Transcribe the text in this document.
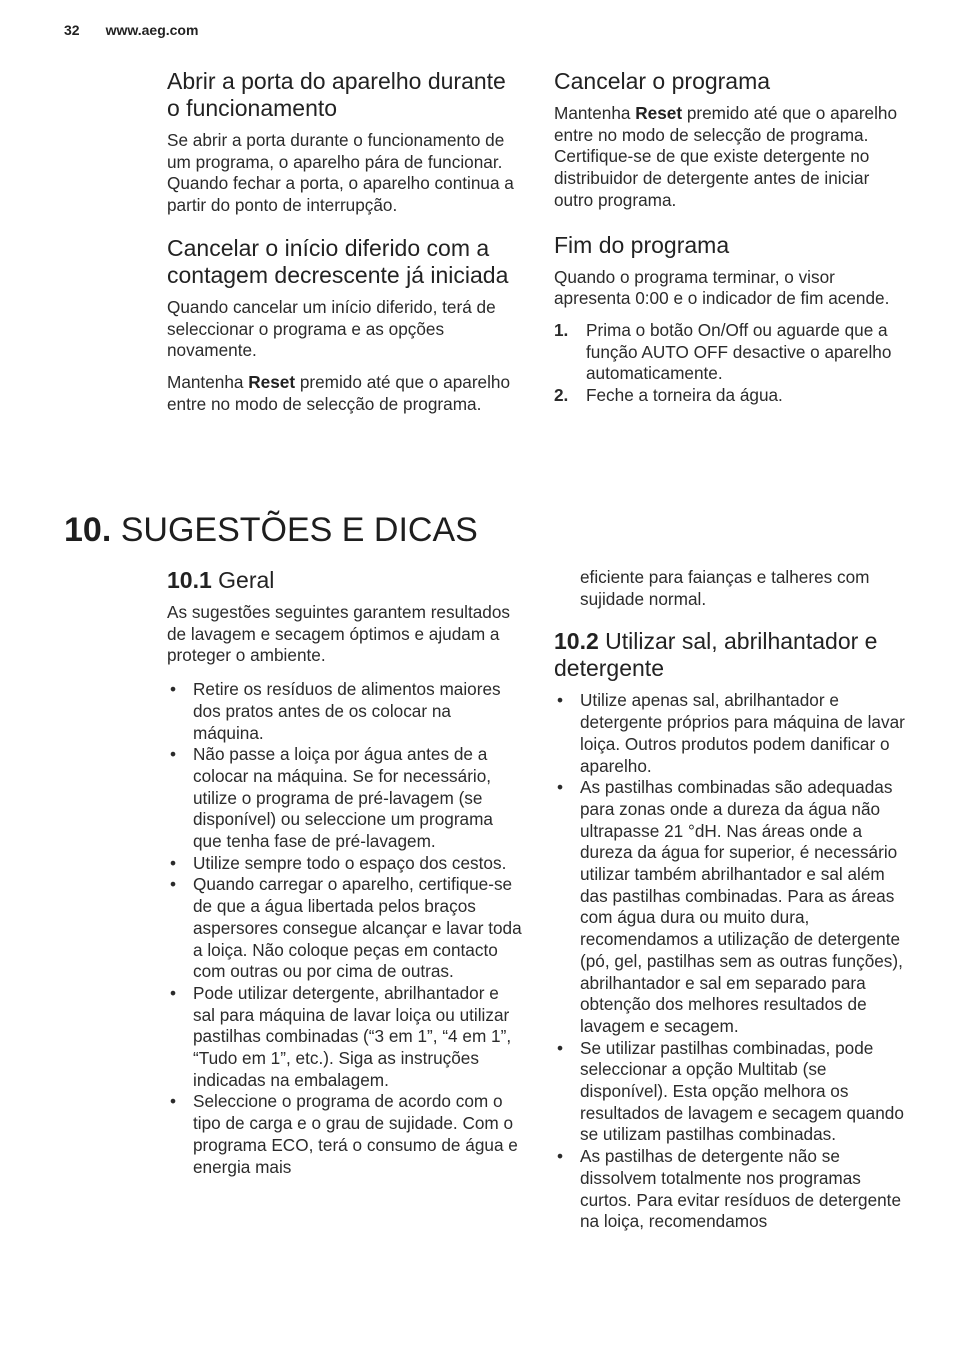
32 www.aeg.com
Abrir a porta do aparelho durante o funcionamento

Se abrir a porta durante o funcionamento de um programa, o aparelho pára de funcionar. Quando fechar a porta, o aparelho continua a partir do ponto de interrupção.

Cancelar o início diferido com a contagem decrescente já iniciada

Quando cancelar um início diferido, terá de seleccionar o programa e as opções novamente.

Mantenha Reset premido até que o aparelho entre no modo de selecção de programa.

Cancelar o programa

Mantenha Reset premido até que o aparelho entre no modo de selecção de programa.

Certifique-se de que existe detergente no distribuidor de detergente antes de iniciar outro programa.

Fim do programa

Quando o programa terminar, o visor apresenta 0:00 e o indicador de fim acende.

1. Prima o botão On/Off ou aguarde que a função AUTO OFF desactive o aparelho automaticamente.
2. Feche a torneira da água.
10. SUGESTÕES E DICAS
10.1 Geral

As sugestões seguintes garantem resultados de lavagem e secagem óptimos e ajudam a proteger o ambiente.

• Retire os resíduos de alimentos maiores dos pratos antes de os colocar na máquina.
• Não passe a loiça por água antes de a colocar na máquina. Se for necessário, utilize o programa de pré-lavagem (se disponível) ou seleccione um programa que tenha fase de pré-lavagem.
• Utilize sempre todo o espaço dos cestos.
• Quando carregar o aparelho, certifique-se de que a água libertada pelos braços aspersores consegue alcançar e lavar toda a loiça. Não coloque peças em contacto com outras ou por cima de outras.
• Pode utilizar detergente, abrilhantador e sal para máquina de lavar loiça ou utilizar pastilhas combinadas (“3 em 1”, “4 em 1”, “Tudo em 1”, etc.). Siga as instruções indicadas na embalagem.
• Seleccione o programa de acordo com o tipo de carga e o grau de sujidade. Com o programa ECO, terá o consumo de água e energia mais

eficiente para faianças e talheres com sujidade normal.

10.2 Utilizar sal, abrilhantador e detergente
• Utilize apenas sal, abrilhantador e detergente próprios para máquina de lavar loiça. Outros produtos podem danificar o aparelho.
• As pastilhas combinadas são adequadas para zonas onde a dureza da água não ultrapasse 21 °dH. Nas áreas onde a dureza da água for superior, é necessário utilizar também abrilhantador e sal além das pastilhas combinadas. Para as áreas com água dura ou muito dura, recomendamos a utilização de detergente (pó, gel, pastilhas sem as outras funções), abrilhantador e sal em separado para obtenção dos melhores resultados de lavagem e secagem.
• Se utilizar pastilhas combinadas, pode seleccionar a opção Multitab (se disponível). Esta opção melhora os resultados de lavagem e secagem quando se utilizam pastilhas combinadas.
• As pastilhas de detergente não se dissolvem totalmente nos programas curtos. Para evitar resíduos de detergente na loiça, recomendamos
